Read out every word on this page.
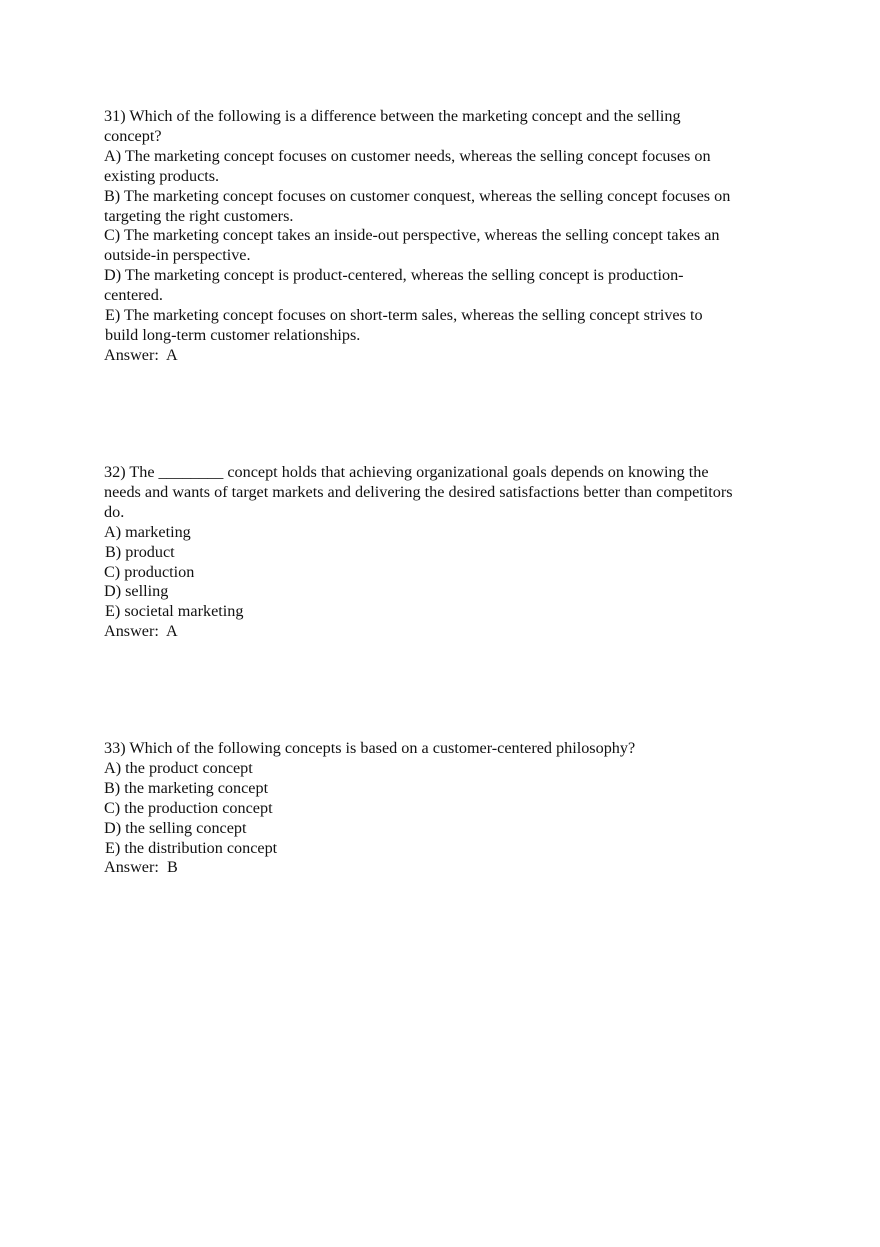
31) Which of the following is a difference between the marketing concept and the selling
concept?
A) The marketing concept focuses on customer needs, whereas the selling concept focuses on
existing products.
B) The marketing concept focuses on customer conquest, whereas the selling concept focuses on
targeting the right customers.
C) The marketing concept takes an inside-out perspective, whereas the selling concept takes an
outside-in perspective.
D) The marketing concept is product-centered, whereas the selling concept is production-
centered.
E) The marketing concept focuses on short-term sales, whereas the selling concept strives to
build long-term customer relationships.
Answer:  A
32) The ________ concept holds that achieving organizational goals depends on knowing the
needs and wants of target markets and delivering the desired satisfactions better than competitors
do.
A) marketing
B) product
C) production
D) selling
E) societal marketing
Answer:  A
33) Which of the following concepts is based on a customer-centered philosophy?
A) the product concept
B) the marketing concept
C) the production concept
D) the selling concept
E) the distribution concept
Answer:  B
